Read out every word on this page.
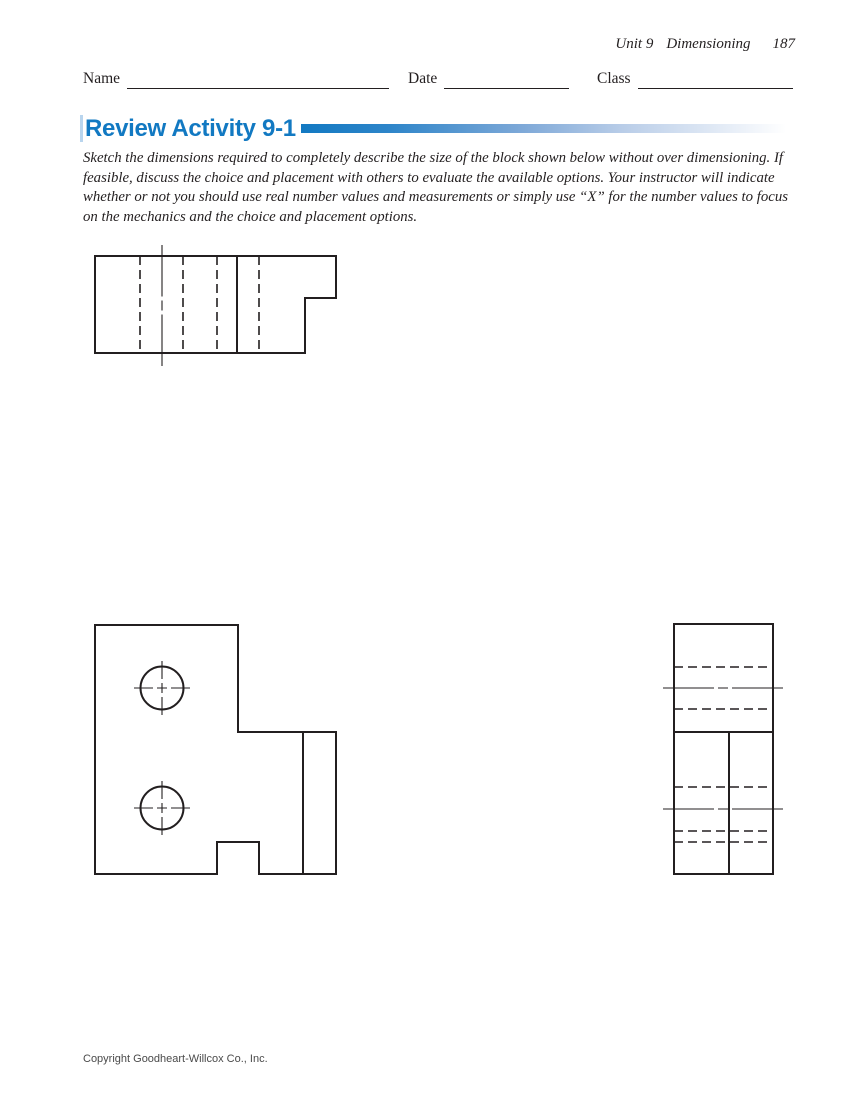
Unit 9 Dimensioning 187
Name	Date	Class
Review Activity 9-1

Sketch the dimensions required to completely describe the size of the block shown below without over dimensioning. If feasible, discuss the choice and placement with others to evaluate the available options. Your instructor will indicate whether or not you should use real number values and measurements or simply use “X” for the number values to focus on the mechanics and the choice and placement options.

Copyright Goodheart-Willcox Co., Inc.
